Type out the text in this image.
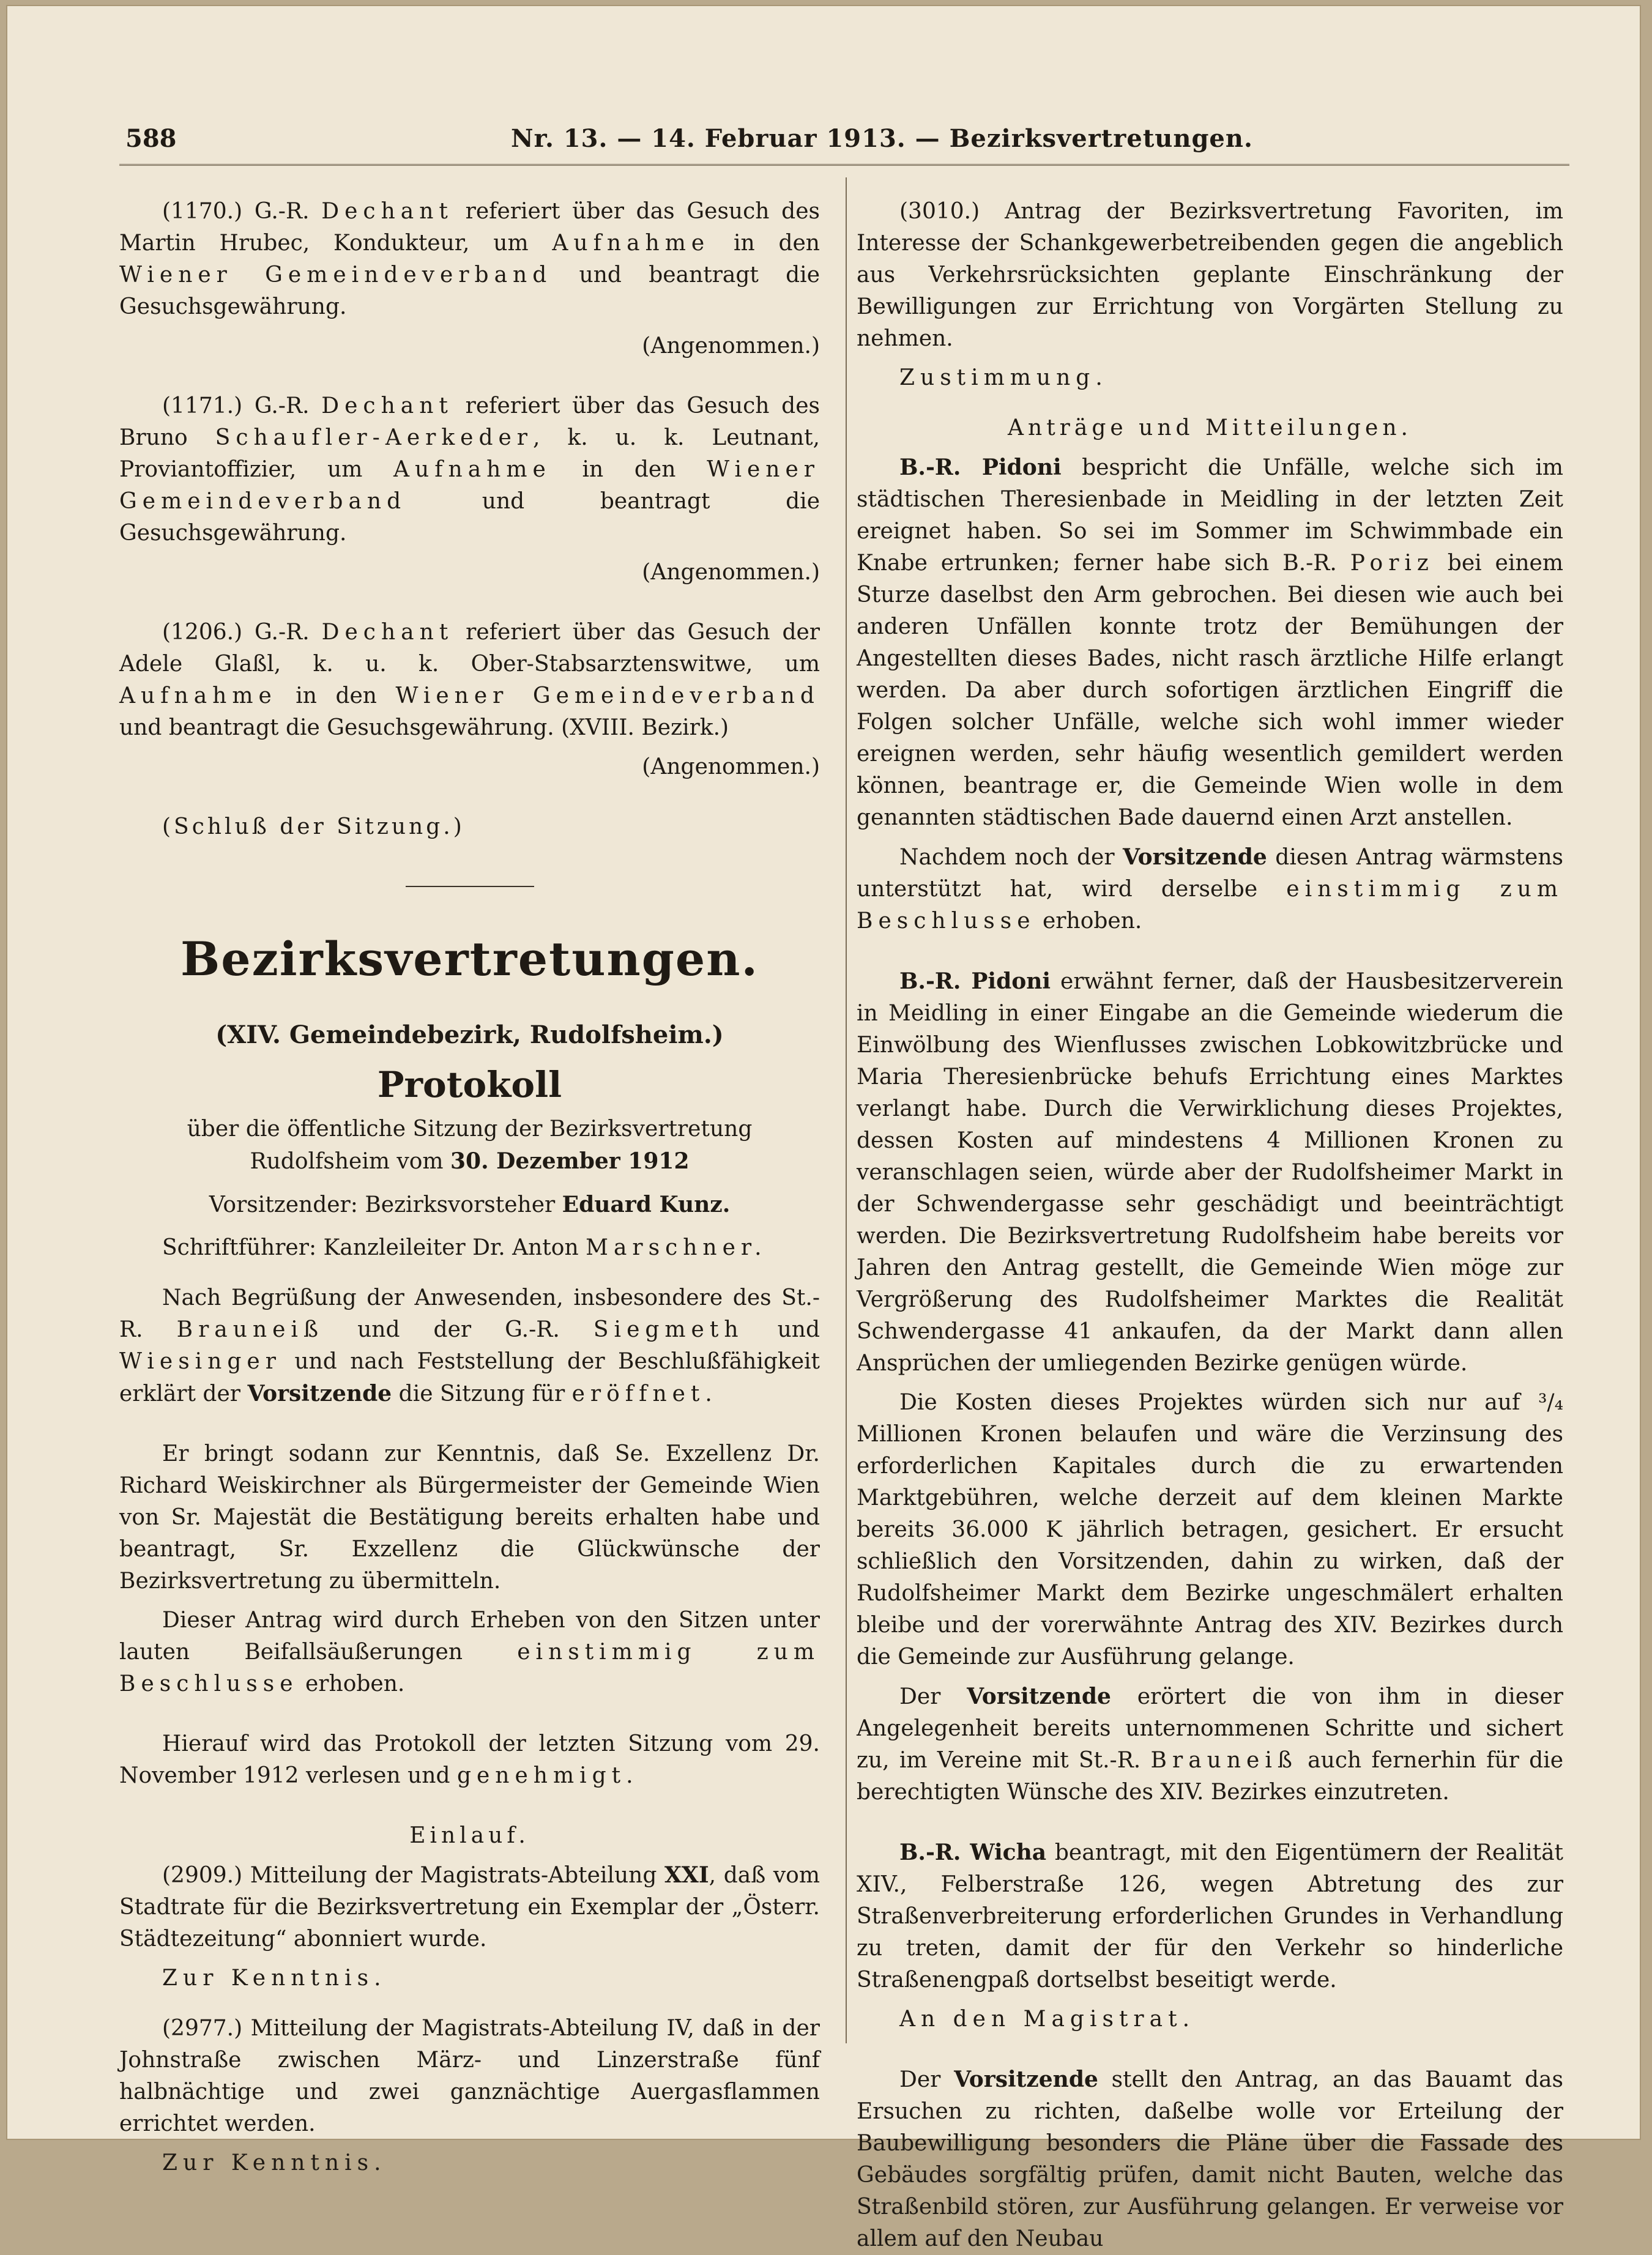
588	Nr. 13. — 14. Februar 1913. — Bezirksvertretungen.

(1170.) G.-R. Dechant referiert über das Gesuch des Martin Hrubec, Kondukteur, um Aufnahme in den Wiener Gemeindeverband und beantragt die Gesuchsgewährung.

(Angenommen.)

(1171.) G.-R. Dechant referiert über das Gesuch des Bruno Schaufler-Aerkeder, k. u. k. Leutnant, Proviantoffizier, um Aufnahme in den Wiener Gemeindeverband und beantragt die Gesuchsgewährung.

(Angenommen.)

(1206.) G.-R. Dechant referiert über das Gesuch der Adele Glaßl, k. u. k. Ober-Stabsarztenswitwe, um Aufnahme in den Wiener Gemeindeverband und beantragt die Gesuchsgewährung. (XVIII. Bezirk.)

(Angenommen.)

(Schluß der Sitzung.)

Bezirksvertretungen.
(XIV. Gemeindebezirk, Rudolfsheim.)
Protokoll

über die öffentliche Sitzung der Bezirksvertretung Rudolfsheim vom 30. Dezember 1912

Vorsitzender: Bezirksvorsteher Eduard Kunz.

Schriftführer: Kanzleileiter Dr. Anton Marschner.

Nach Begrüßung der Anwesenden, insbesondere des St.-R. Brauneiß und der G.-R. Siegmeth und Wiesinger und nach Feststellung der Beschlußfähigkeit erklärt der Vorsitzende die Sitzung für eröffnet.

Er bringt sodann zur Kenntnis, daß Se. Exzellenz Dr. Richard Weiskirchner als Bürgermeister der Gemeinde Wien von Sr. Majestät die Bestätigung bereits erhalten habe und beantragt, Sr. Exzellenz die Glückwünsche der Bezirksvertretung zu übermitteln.

Dieser Antrag wird durch Erheben von den Sitzen unter lauten Beifallsäußerungen einstimmig zum Beschlusse erhoben.

Hierauf wird das Protokoll der letzten Sitzung vom 29. November 1912 verlesen und genehmigt.

Einlauf.

(2909.) Mitteilung der Magistrats-Abteilung XXI, daß vom Stadtrate für die Bezirksvertretung ein Exemplar der „Österr. Städtezeitung“ abonniert wurde.

Zur Kenntnis.

(2977.) Mitteilung der Magistrats-Abteilung IV, daß in der Johnstraße zwischen März- und Linzerstraße fünf halbnächtige und zwei ganznächtige Auergasflammen errichtet werden.

Zur Kenntnis.

(3010.) Antrag der Bezirksvertretung Favoriten, im Interesse der Schankgewerbetreibenden gegen die angeblich aus Verkehrsrücksichten geplante Einschränkung der Bewilligungen zur Errichtung von Vorgärten Stellung zu nehmen.

Zustimmung.

Anträge und Mitteilungen.

B.-R. Pidoni bespricht die Unfälle, welche sich im städtischen Theresienbade in Meidling in der letzten Zeit ereignet haben. So sei im Sommer im Schwimmbade ein Knabe ertrunken; ferner habe sich B.-R. Poriz bei einem Sturze daselbst den Arm gebrochen. Bei diesen wie auch bei anderen Unfällen konnte trotz der Bemühungen der Angestellten dieses Bades, nicht rasch ärztliche Hilfe erlangt werden. Da aber durch sofortigen ärztlichen Eingriff die Folgen solcher Unfälle, welche sich wohl immer wieder ereignen werden, sehr häufig wesentlich gemildert werden können, beantrage er, die Gemeinde Wien wolle in dem genannten städtischen Bade dauernd einen Arzt anstellen.

Nachdem noch der Vorsitzende diesen Antrag wärmstens unterstützt hat, wird derselbe einstimmig zum Beschlusse erhoben.

B.-R. Pidoni erwähnt ferner, daß der Hausbesitzerverein in Meidling in einer Eingabe an die Gemeinde wiederum die Einwölbung des Wienflusses zwischen Lobkowitzbrücke und Maria Theresienbrücke behufs Errichtung eines Marktes verlangt habe. Durch die Verwirklichung dieses Projektes, dessen Kosten auf mindestens 4 Millionen Kronen zu veranschlagen seien, würde aber der Rudolfsheimer Markt in der Schwendergasse sehr geschädigt und beeinträchtigt werden. Die Bezirksvertretung Rudolfsheim habe bereits vor Jahren den Antrag gestellt, die Gemeinde Wien möge zur Vergrößerung des Rudolfsheimer Marktes die Realität Schwendergasse 41 ankaufen, da der Markt dann allen Ansprüchen der umliegenden Bezirke genügen würde.

Die Kosten dieses Projektes würden sich nur auf ³/₄ Millionen Kronen belaufen und wäre die Verzinsung des erforderlichen Kapitales durch die zu erwartenden Marktgebühren, welche derzeit auf dem kleinen Markte bereits 36.000 K jährlich betragen, gesichert. Er ersucht schließlich den Vorsitzenden, dahin zu wirken, daß der Rudolfsheimer Markt dem Bezirke ungeschmälert erhalten bleibe und der vorerwähnte Antrag des XIV. Bezirkes durch die Gemeinde zur Ausführung gelange.

Der Vorsitzende erörtert die von ihm in dieser Angelegenheit bereits unternommenen Schritte und sichert zu, im Vereine mit St.-R. Brauneiß auch fernerhin für die berechtigten Wünsche des XIV. Bezirkes einzutreten.

B.-R. Wicha beantragt, mit den Eigentümern der Realität XIV., Felberstraße 126, wegen Abtretung des zur Straßenverbreiterung erforderlichen Grundes in Verhandlung zu treten, damit der für den Verkehr so hinderliche Straßenengpaß dortselbst beseitigt werde.

An den Magistrat.

Der Vorsitzende stellt den Antrag, an das Bauamt das Ersuchen zu richten, daßelbe wolle vor Erteilung der Baubewilligung besonders die Pläne über die Fassade des Gebäudes sorgfältig prüfen, damit nicht Bauten, welche das Straßenbild stören, zur Ausführung gelangen. Er verweise vor allem auf den Neubau
